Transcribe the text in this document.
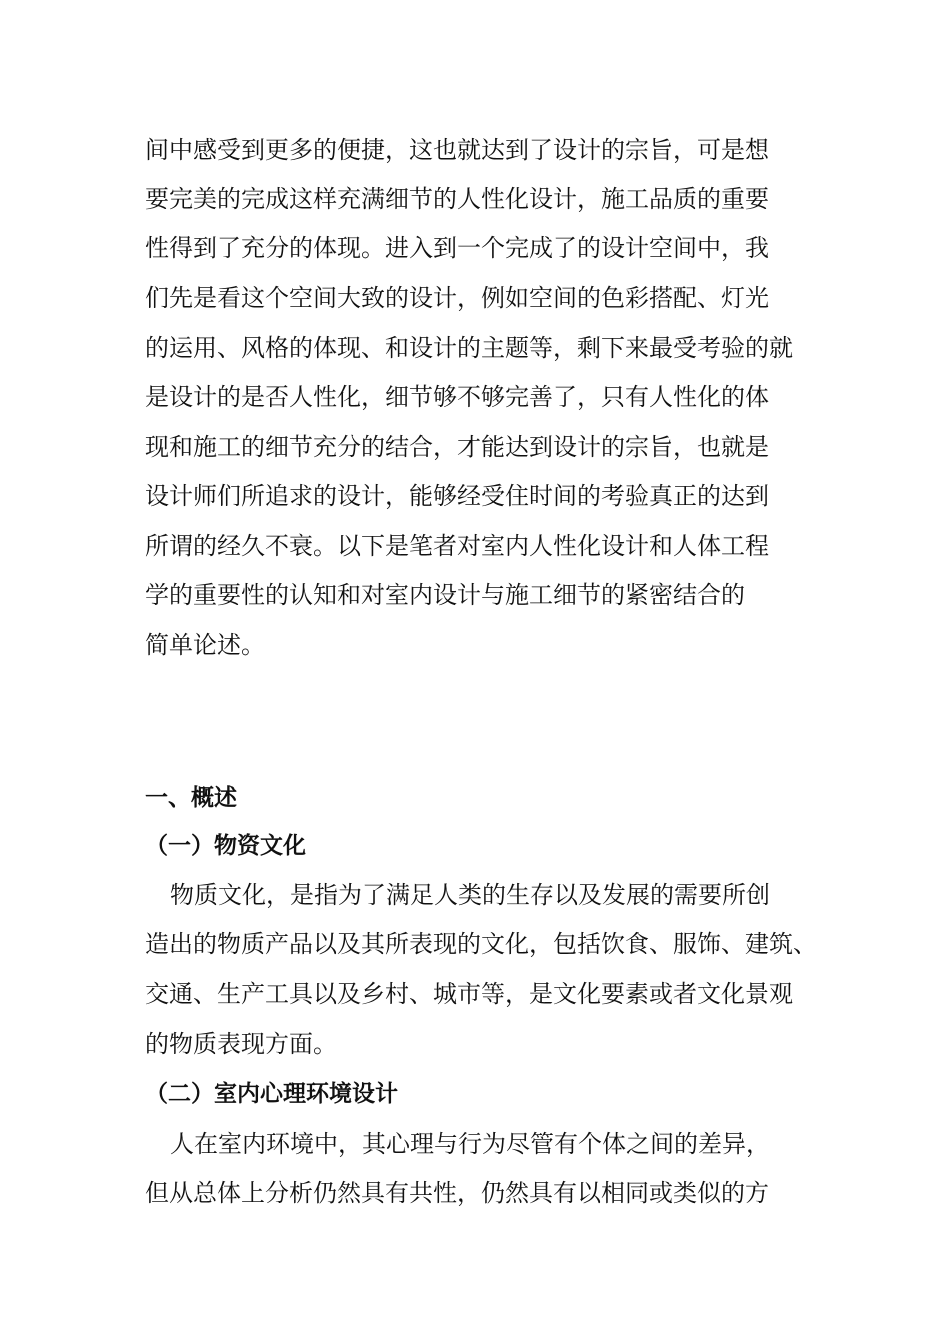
间中感受到更多的便捷，这也就达到了设计的宗旨，可是想
要完美的完成这样充满细节的人性化设计，施工品质的重要
性得到了充分的体现。进入到一个完成了的设计空间中，我
们先是看这个空间大致的设计，例如空间的色彩搭配、灯光
的运用、风格的体现、和设计的主题等，剩下来最受考验的就
是设计的是否人性化，细节够不够完善了，只有人性化的体
现和施工的细节充分的结合，才能达到设计的宗旨，也就是
设计师们所追求的设计，能够经受住时间的考验真正的达到
所谓的经久不衰。以下是笔者对室内人性化设计和人体工程
学的重要性的认知和对室内设计与施工细节的紧密结合的
简单论述。
一、概述
（一）物资文化
物质文化，是指为了满足人类的生存以及发展的需要所创
造出的物质产品以及其所表现的文化，包括饮食、服饰、建筑、
交通、生产工具以及乡村、城市等，是文化要素或者文化景观
的物质表现方面。
（二）室内心理环境设计
人在室内环境中，其心理与行为尽管有个体之间的差异，
但从总体上分析仍然具有共性，仍然具有以相同或类似的方
